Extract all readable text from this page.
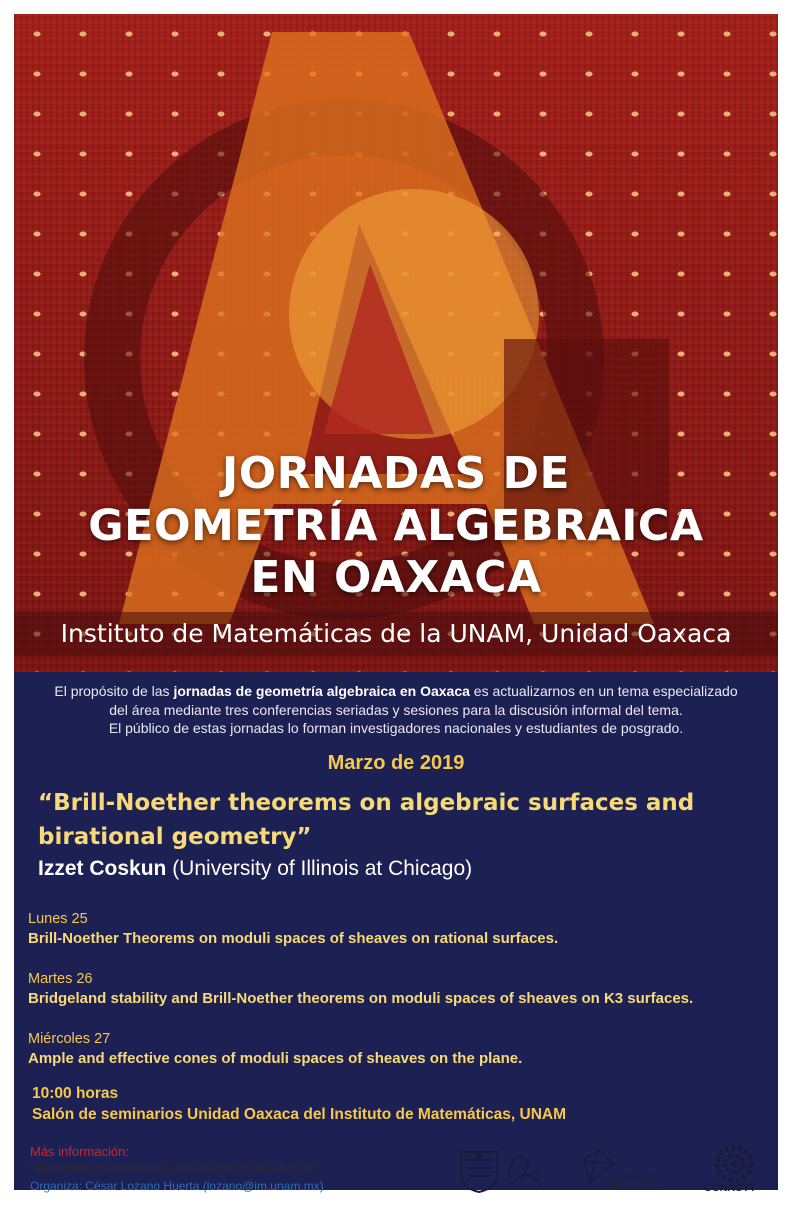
JORNADAS DE
GEOMETRÍA ALGEBRAICA
EN OAXACA
Instituto de Matemáticas de la UNAM, Unidad Oaxaca
El propósito de las jornadas de geometría algebraica en Oaxaca es actualizarnos en un tema especializado
del área mediante tres conferencias seriadas y sesiones para la discusión informal del tema.
El público de estas jornadas lo forman investigadores nacionales y estudiantes de posgrado.
Marzo de 2019
“Brill-Noether theorems on algebraic surfaces and
birational geometry”
Izzet Coskun (University of Illinois at Chicago)
Lunes 25
Brill-Noether Theorems on moduli spaces of sheaves on rational surfaces.
Martes 26
Bridgeland stability and Brill-Noether theorems on moduli spaces of sheaves on K3 surfaces.
Miércoles 27
Ample and effective cones of moduli spaces of sheaves on the plane.
10:00 horas
Salón de seminarios Unidad Oaxaca del Instituto de Matemáticas, UNAM
Más información:
http://www.matem.unam.mx/lozano/jornadas.html
Organiza: César Lozano Huerta (lozano@im.unam.mx)
Instituto de
Matemáticas	CONACYT
